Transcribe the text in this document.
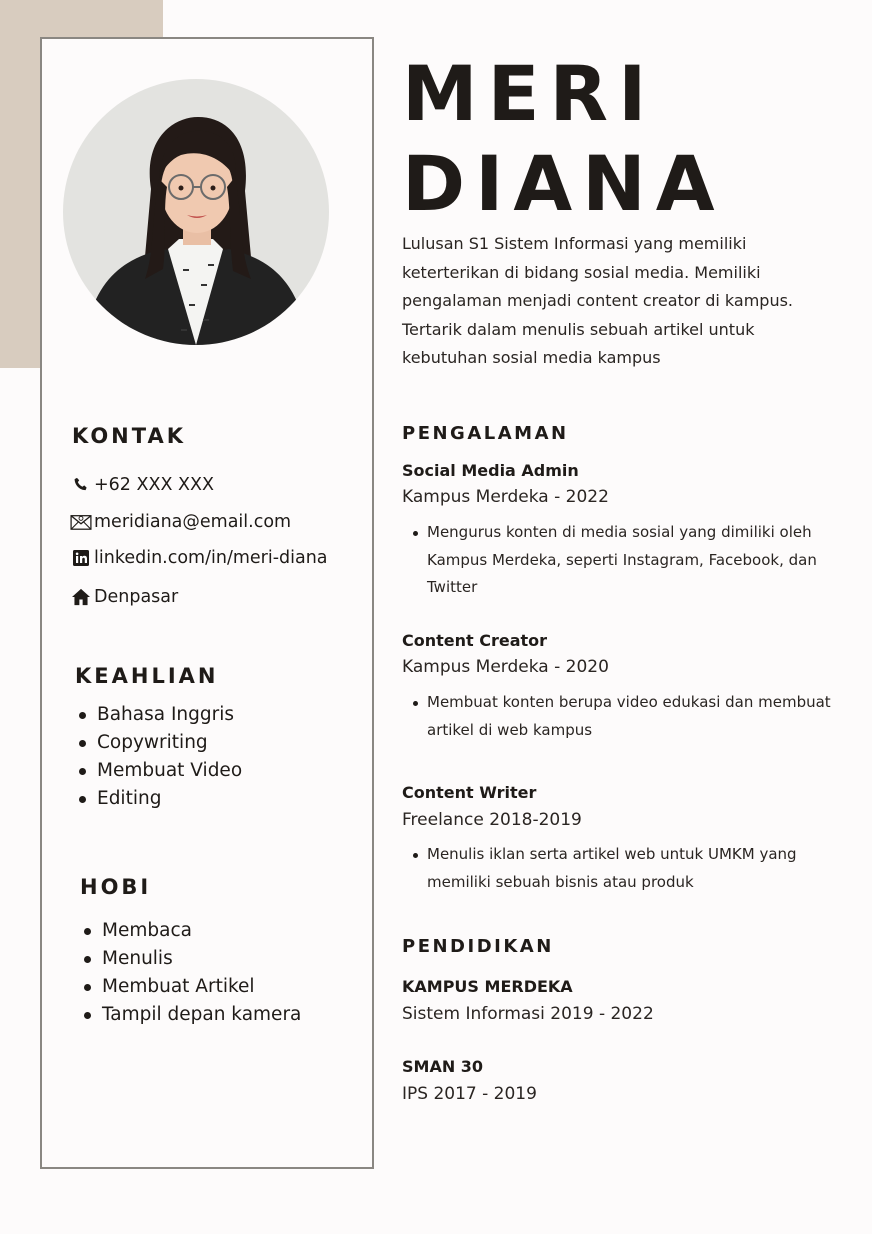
KONTAK
+62 XXX XXX
meridiana@email.com
linkedin.com/in/meri-diana
Denpasar
KEAHLIAN
Bahasa Inggris
Copywriting
Membuat Video
Editing
HOBI
Membaca
Menulis
Membuat Artikel
Tampil depan kamera
MERI
DIANA
Lulusan S1 Sistem Informasi yang memiliki keterterikan di bidang sosial media. Memiliki pengalaman menjadi content creator di kampus. Tertarik dalam menulis sebuah artikel untuk kebutuhan sosial media kampus
PENGALAMAN
Social Media Admin
Kampus Merdeka - 2022
Mengurus konten di media sosial yang dimiliki oleh Kampus Merdeka, seperti Instagram, Facebook, dan Twitter
Content Creator
Kampus Merdeka - 2020
Membuat konten berupa video edukasi dan membuat artikel di web kampus
Content Writer
Freelance 2018-2019
Menulis iklan serta artikel web untuk UMKM yang memiliki sebuah bisnis atau produk
PENDIDIKAN
KAMPUS MERDEKA
Sistem Informasi 2019 - 2022
SMAN 30
IPS 2017 - 2019
